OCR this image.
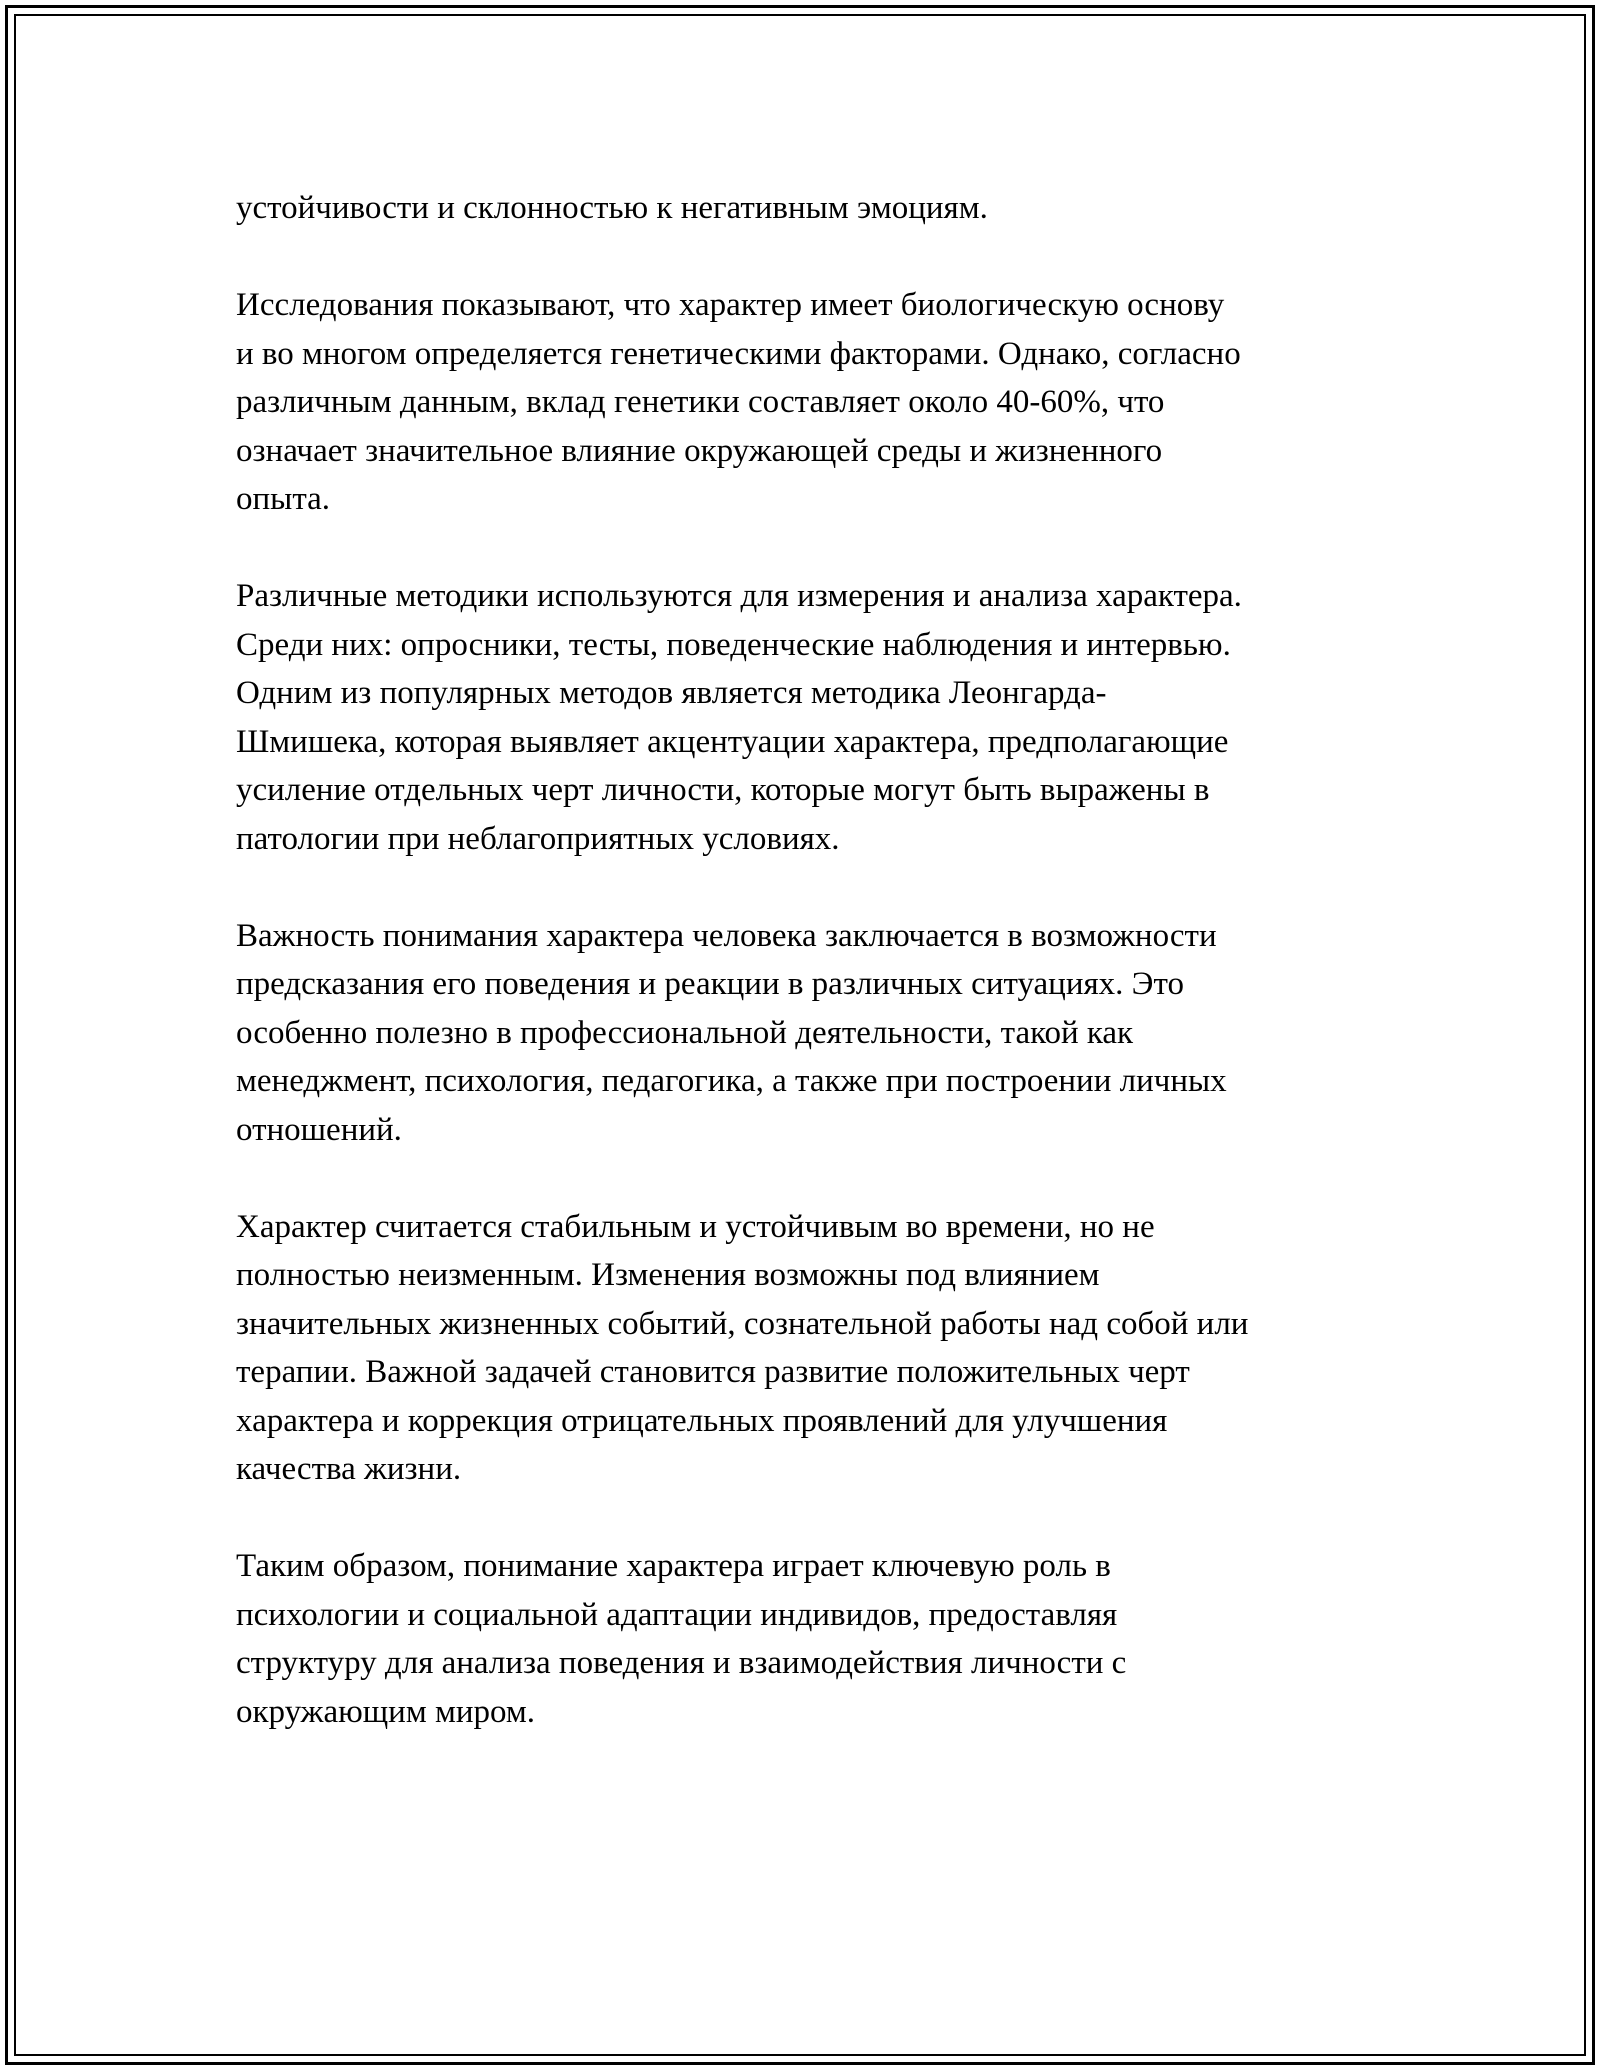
устойчивости и склонностью к негативным эмоциям.

Исследования показывают, что характер имеет биологическую основу
и во многом определяется генетическими факторами. Однако, согласно
различным данным, вклад генетики составляет около 40-60%, что
означает значительное влияние окружающей среды и жизненного
опыта.

Различные методики используются для измерения и анализа характера.
Среди них: опросники, тесты, поведенческие наблюдения и интервью.
Одним из популярных методов является методика Леонгарда-
Шмишека, которая выявляет акцентуации характера, предполагающие
усиление отдельных черт личности, которые могут быть выражены в
патологии при неблагоприятных условиях.

Важность понимания характера человека заключается в возможности
предсказания его поведения и реакции в различных ситуациях. Это
особенно полезно в профессиональной деятельности, такой как
менеджмент, психология, педагогика, а также при построении личных
отношений.

Характер считается стабильным и устойчивым во времени, но не
полностью неизменным. Изменения возможны под влиянием
значительных жизненных событий, сознательной работы над собой или
терапии. Важной задачей становится развитие положительных черт
характера и коррекция отрицательных проявлений для улучшения
качества жизни.

Таким образом, понимание характера играет ключевую роль в
психологии и социальной адаптации индивидов, предоставляя
структуру для анализа поведения и взаимодействия личности с
окружающим миром.
